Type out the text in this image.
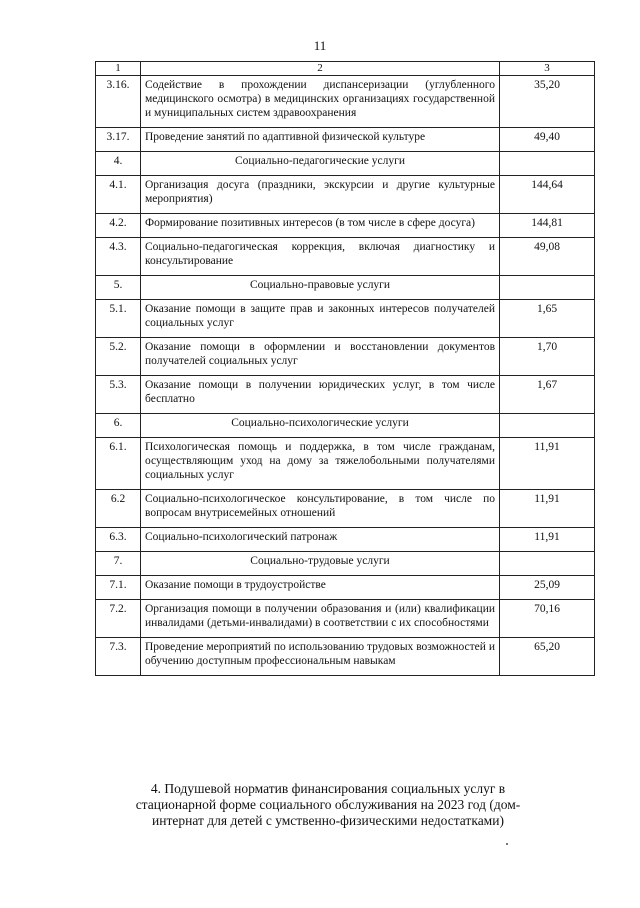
11
1	2	3
3.16.	Содействие в прохождении диспансеризации (углубленного медицинского осмотра) в медицинских организациях государственной и муниципальных систем здравоохранения	35,20
3.17.	Проведение занятий по адаптивной физической культуре	49,40
4.	Социально-педагогические услуги	
4.1.	Организация досуга (праздники, экскурсии и другие культурные мероприятия)	144,64
4.2.	Формирование позитивных интересов (в том числе в сфере досуга)	144,81
4.3.	Социально-педагогическая коррекция, включая диагностику и консультирование	49,08
5.	Социально-правовые услуги	
5.1.	Оказание помощи в защите прав и законных интересов получателей социальных услуг	1,65
5.2.	Оказание помощи в оформлении и восстановлении документов получателей социальных услуг	1,70
5.3.	Оказание помощи в получении юридических услуг, в том числе бесплатно	1,67
6.	Социально-психологические услуги	
6.1.	Психологическая помощь и поддержка, в том числе гражданам, осуществляющим уход на дому за тяжелобольными получателями социальных услуг	11,91
6.2	Социально-психологическое консультирование, в том числе по вопросам внутрисемейных отношений	11,91
6.3.	Социально-психологический патронаж	11,91
7.	Социально-трудовые услуги	
7.1.	Оказание помощи в трудоустройстве	25,09
7.2.	Организация помощи в получении образования и (или) квалификации инвалидами (детьми-инвалидами) в соответствии с их способностями	70,16
7.3.	Проведение мероприятий по использованию трудовых возможностей и обучению доступным профессиональным навыкам	65,20
4. Подушевой норматив финансирования социальных услуг в стационарной форме социального обслуживания на 2023 год (дом-интернат для детей с умственно-физическими недостатками)
